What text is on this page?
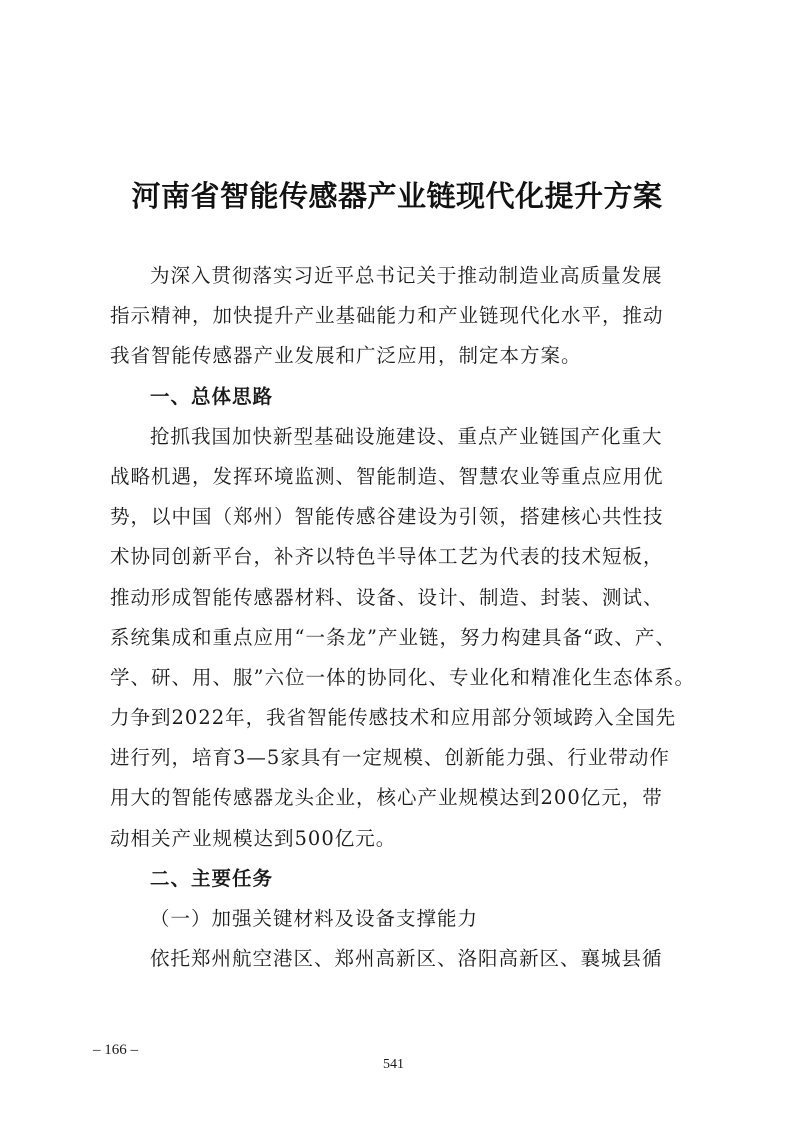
河南省智能传感器产业链现代化提升方案
为深入贯彻落实习近平总书记关于推动制造业高质量发展
指示精神，加快提升产业基础能力和产业链现代化水平，推动
我省智能传感器产业发展和广泛应用，制定本方案。
一、总体思路
抢抓我国加快新型基础设施建设、重点产业链国产化重大
战略机遇，发挥环境监测、智能制造、智慧农业等重点应用优
势，以中国（郑州）智能传感谷建设为引领，搭建核心共性技
术协同创新平台，补齐以特色半导体工艺为代表的技术短板，
推动形成智能传感器材料、设备、设计、制造、封装、测试、
系统集成和重点应用“一条龙”产业链，努力构建具备“政、产、
学、研、用、服”六位一体的协同化、专业化和精准化生态体系。
力争到2022年，我省智能传感技术和应用部分领域跨入全国先
进行列，培育3—5家具有一定规模、创新能力强、行业带动作
用大的智能传感器龙头企业，核心产业规模达到200亿元，带
动相关产业规模达到500亿元。
二、主要任务
（一）加强关键材料及设备支撑能力
依托郑州航空港区、郑州高新区、洛阳高新区、襄城县循
– 166 –
541
